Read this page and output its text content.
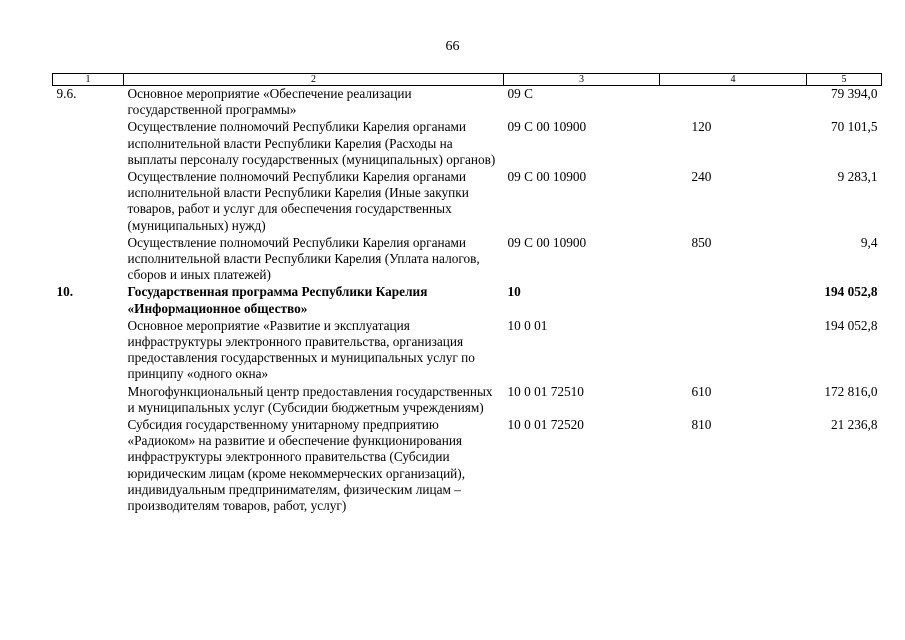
66
1	2	3	4	5
9.6.	Основное мероприятие «Обеспечение реализации государственной программы»	09 С		79 394,0
	Осуществление полномочий Республики Карелия органами исполнительной власти Республики Карелия (Расходы на выплаты персоналу государственных (муниципальных) органов)	09 С 00 10900	120	70 101,5
	Осуществление полномочий Республики Карелия органами исполнительной власти Республики Карелия (Иные закупки товаров, работ и услуг для обеспечения государственных (муниципальных) нужд)	09 С 00 10900	240	9 283,1
	Осуществление полномочий Республики Карелия органами исполнительной власти Республики Карелия (Уплата налогов, сборов и иных платежей)	09 С 00 10900	850	9,4
10.	Государственная программа Республики Карелия «Информационное общество»	10		194 052,8
	Основное мероприятие «Развитие и эксплуатация инфраструктуры электронного правительства, организация предоставления государственных и муниципальных услуг по принципу «одного окна»	10 0 01		194 052,8
	Многофункциональный центр предоставления государственных и муниципальных услуг (Субсидии бюджетным учреждениям)	10 0 01 72510	610	172 816,0
	Субсидия государственному унитарному предприятию «Радиоком» на развитие и обеспечение функционирования инфраструктуры электронного правительства (Субсидии юридическим лицам (кроме некоммерческих организаций), индивидуальным предпринимателям, физическим лицам – производителям товаров, работ, услуг)	10 0 01 72520	810	21 236,8
